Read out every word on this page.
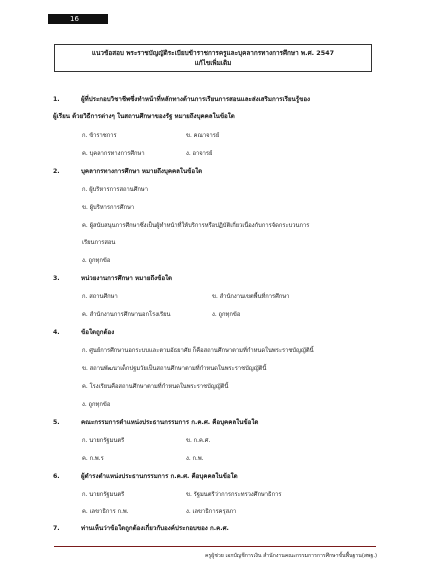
16
แนวข้อสอบ พระราชบัญญัติระเบียบข้าราชการครูและบุคลากรทางการศึกษา พ.ศ. 2547
แก้ไขเพิ่มเติม
1.	ผู้ที่ประกอบวิชาชีพซึ่งทำหน้าที่หลักทางด้านการเรียนการสอนและส่งเสริมการเรียนรู้ของ
ผู้เรียน ด้วยวิธีการต่างๆ ในสถานศึกษาของรัฐ หมายถึงบุคคลในข้อใด
ก. ข้าราชการ	ข. คณาจารย์
ค. บุคลากรทางการศึกษา	ง. อาจารย์
2.	บุคลากรทางการศึกษา หมายถึงบุคคลในข้อใด
ก. ผู้บริหารการสถานศึกษา
ข. ผู้บริหารการศึกษา
ค. ผู้สนับสนุนการศึกษาซึ่งเป็นผู้ทำหน้าที่ให้บริการหรือปฏิบัติเกี่ยวเนื่องกับการจัดกระบวนการ
เรียนการสอน
ง. ถูกทุกข้อ
3.	หน่วยงานการศึกษา หมายถึงข้อใด
ก. สถานศึกษา	ข. สำนักงานเขตพื้นที่การศึกษา
ค. สำนักงานการศึกษานอกโรงเรียน	ง. ถูกทุกข้อ
4.	ข้อใดถูกต้อง
ก. ศูนย์การศึกษานอกระบบและตามอัธยาศัย ก็คือสถานศึกษาตามที่กำหนดในพระราชบัญญัตินี้
ข. สถานพัฒนาเด็กปฐมวัยเป็นสถานศึกษาตามที่กำหนดในพระราชบัญญัตินี้
ค. โรงเรียนคือสถานศึกษาตามที่กำหนดในพระราชบัญญัตินี้
ง. ถูกทุกข้อ
5.	คณะกรรมการดำแหน่งประธานกรรมการ ก.ค.ศ. คือบุคคลในข้อใด
ก. นายกรัฐมนตรี	ข. ก.ค.ศ.
ค. ก.พ.ร	ง. ก.พ.
6.	ผู้ดำรงตำแหน่งประธานกรรมการ ก.ค.ศ. คือบุคคลในข้อใด
ก. นายกรัฐมนตรี	ข. รัฐมนตรีว่าการกระทรวงศึกษาธิการ
ค. เลขาธิการ ก.พ.	ง. เลขาธิการครุสภา
7.	ท่านเห็นว่าข้อใดถูกต้องเกี่ยวกับองค์ประกอบของ ก.ค.ศ.
ครูผู้ช่วย เอกบัญชีการเงิน สำนักงานคณะกรรมการการศึกษาขั้นพื้นฐาน(สพฐ.)
